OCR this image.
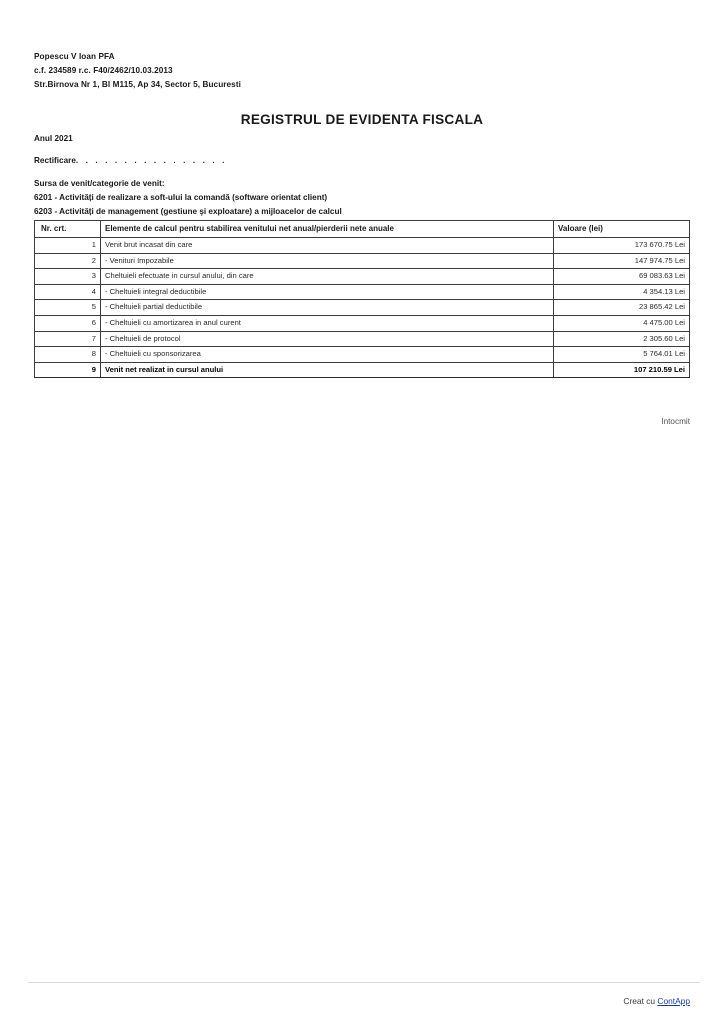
Popescu V Ioan PFA
c.f. 234589 r.c. F40/2462/10.03.2013
Str.Birnova Nr 1, Bl M115, Ap 34, Sector 5, Bucuresti
REGISTRUL DE EVIDENTA FISCALA
Anul 2021
Rectificare. . . . . . . . . . . . . . . .
Sursa de venit/categorie de venit:
6201 - Activități de realizare a soft-ului la comandă (software orientat client)
6203 - Activități de management (gestiune şi exploatare) a mijloacelor de calcul
Nr. crt.	Elemente de calcul pentru stabilirea venitului net anual/pierderii nete anuale	Valoare (lei)
1	Venit brut incasat din care	173 670.75 Lei
2	- Venituri Impozabile	147 974.75 Lei
3	Cheltuieli efectuate in cursul anului, din care	69 083.63 Lei
4	- Cheltuieli integral deductibile	4 354.13 Lei
5	- Cheltuieli partial deductibile	23 865.42 Lei
6	- Cheltuieli cu amortizarea in anul curent	4 475.00 Lei
7	- Cheltuieli de protocol	2 305.60 Lei
8	- Cheltuieli cu sponsorizarea	5 764.01 Lei
9	Venit net realizat in cursul anului	107 210.59 Lei
Intocmit
Creat cu ContApp
